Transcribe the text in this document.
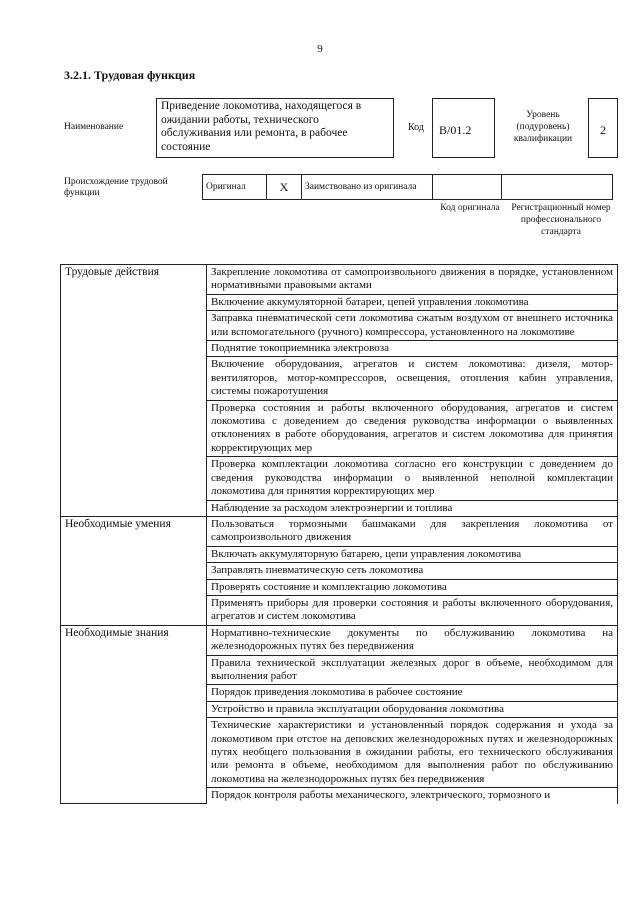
9
3.2.1. Трудовая функция
Наименование
Приведение локомотива, находящегося в ожидании работы, технического обслуживания или ремонта, в рабочее состояние
Код	В/01.2
Уровень (подуровень) квалификации
2
Происхождение трудовой функции
Оригинал	X	Заимствовано из оригинала		
Код оригинала	Регистрационный номер профессионального стандарта
Трудовые действия	Закрепление локомотива от самопроизвольного движения в порядке, установленном нормативными правовыми актами
	Включение аккумуляторной батареи, цепей управления локомотива
	Заправка пневматической сети локомотива сжатым воздухом от внешнего источника или вспомогательного (ручного) компрессора, установленного на локомотиве
	Поднятие токоприемника электровоза
	Включение оборудования, агрегатов и систем локомотива: дизеля, мотор-вентиляторов, мотор-компрессоров, освещения, отопления кабин управления, системы пожаротушения
	Проверка состояния и работы включенного оборудования, агрегатов и систем локомотива с доведением до сведения руководства информации о выявленных отклонениях в работе оборудования, агрегатов и систем локомотива для принятия корректирующих мер
	Проверка комплектации локомотива согласно его конструкции с доведением до сведения руководства информации о выявленной неполной комплектации локомотива для принятия корректирующих мер
	Наблюдение за расходом электроэнергии и топлива
Необходимые умения	Пользоваться тормозными башмаками для закрепления локомотива от самопроизвольного движения
	Включать аккумуляторную батарею, цепи управления локомотива
	Заправлять пневматическую сеть локомотива
	Проверять состояние и комплектацию локомотива
	Применять приборы для проверки состояния и работы включенного оборудования, агрегатов и систем локомотива
Необходимые знания	Нормативно-технические документы по обслуживанию локомотива на железнодорожных путях без передвижения
	Правила технической эксплуатации железных дорог в объеме, необходимом для выполнения работ
	Порядок приведения локомотива в рабочее состояние
	Устройство и правила эксплуатации оборудования локомотива
	Технические характеристики и установленный порядок содержания и ухода за локомотивом при отстое на деповских железнодорожных путях и железнодорожных путях необщего пользования в ожидании работы, его технического обслуживания или ремонта в объеме, необходимом для выполнения работ по обслуживанию локомотива на железнодорожных путях без передвижения
	Порядок контроля работы механического, электрического, тормозного и
